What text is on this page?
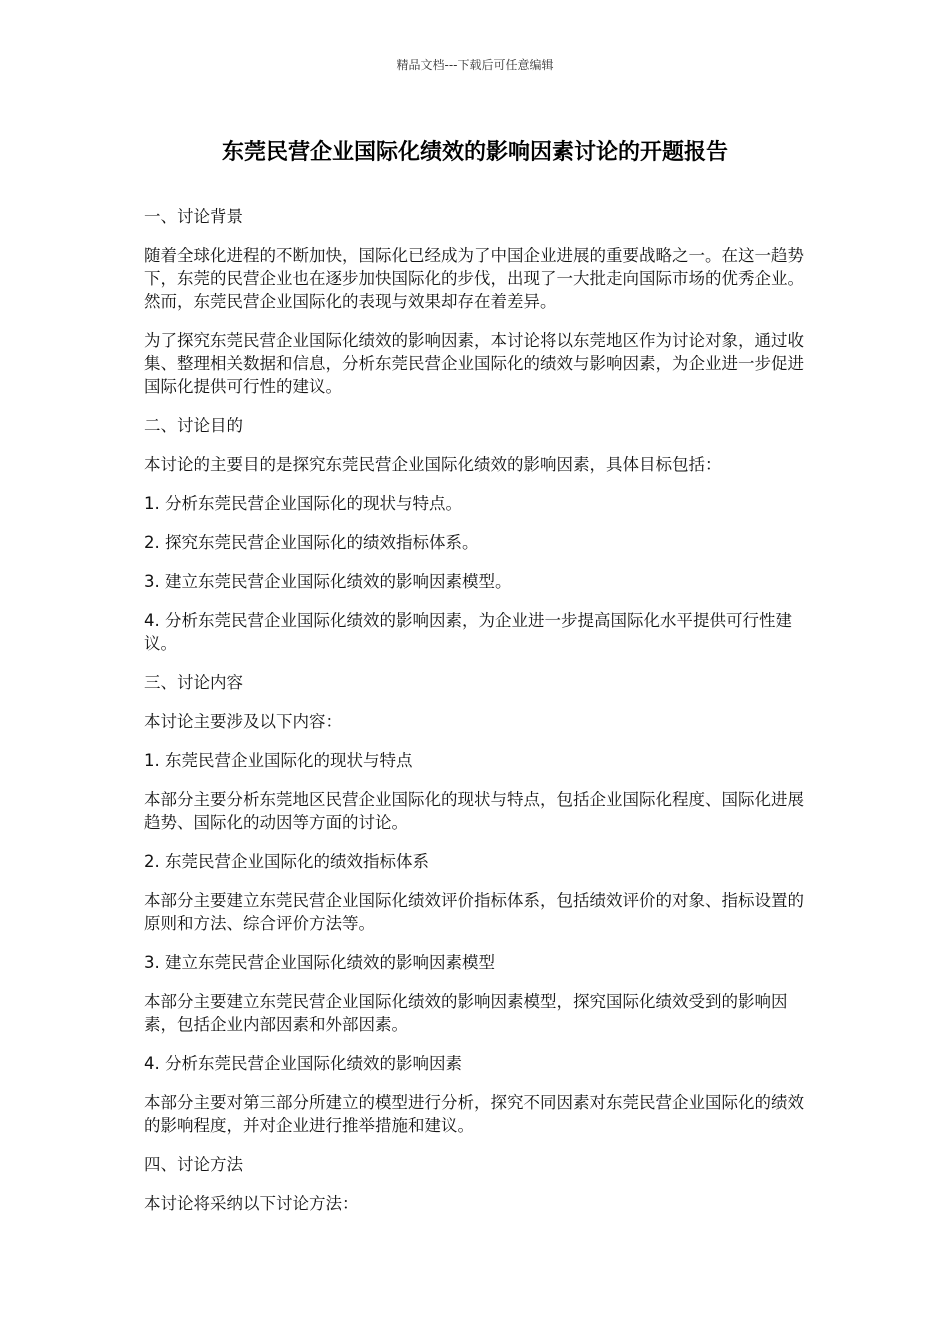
精品文档---下载后可任意编辑
东莞民营企业国际化绩效的影响因素讨论的开题报告

一、讨论背景

随着全球化进程的不断加快，国际化已经成为了中国企业进展的重要战略之一。在这一趋势下，东莞的民营企业也在逐步加快国际化的步伐，出现了一大批走向国际市场的优秀企业。然而，东莞民营企业国际化的表现与效果却存在着差异。

为了探究东莞民营企业国际化绩效的影响因素，本讨论将以东莞地区作为讨论对象，通过收集、整理相关数据和信息，分析东莞民营企业国际化的绩效与影响因素，为企业进一步促进国际化提供可行性的建议。

二、讨论目的

本讨论的主要目的是探究东莞民营企业国际化绩效的影响因素，具体目标包括：

1. 分析东莞民营企业国际化的现状与特点。

2. 探究东莞民营企业国际化的绩效指标体系。

3. 建立东莞民营企业国际化绩效的影响因素模型。

4. 分析东莞民营企业国际化绩效的影响因素，为企业进一步提高国际化水平提供可行性建议。

三、讨论内容

本讨论主要涉及以下内容：

1. 东莞民营企业国际化的现状与特点

本部分主要分析东莞地区民营企业国际化的现状与特点，包括企业国际化程度、国际化进展趋势、国际化的动因等方面的讨论。

2. 东莞民营企业国际化的绩效指标体系

本部分主要建立东莞民营企业国际化绩效评价指标体系，包括绩效评价的对象、指标设置的原则和方法、综合评价方法等。

3. 建立东莞民营企业国际化绩效的影响因素模型

本部分主要建立东莞民营企业国际化绩效的影响因素模型，探究国际化绩效受到的影响因素，包括企业内部因素和外部因素。

4. 分析东莞民营企业国际化绩效的影响因素

本部分主要对第三部分所建立的模型进行分析，探究不同因素对东莞民营企业国际化的绩效的影响程度，并对企业进行推举措施和建议。

四、讨论方法

本讨论将采纳以下讨论方法：
